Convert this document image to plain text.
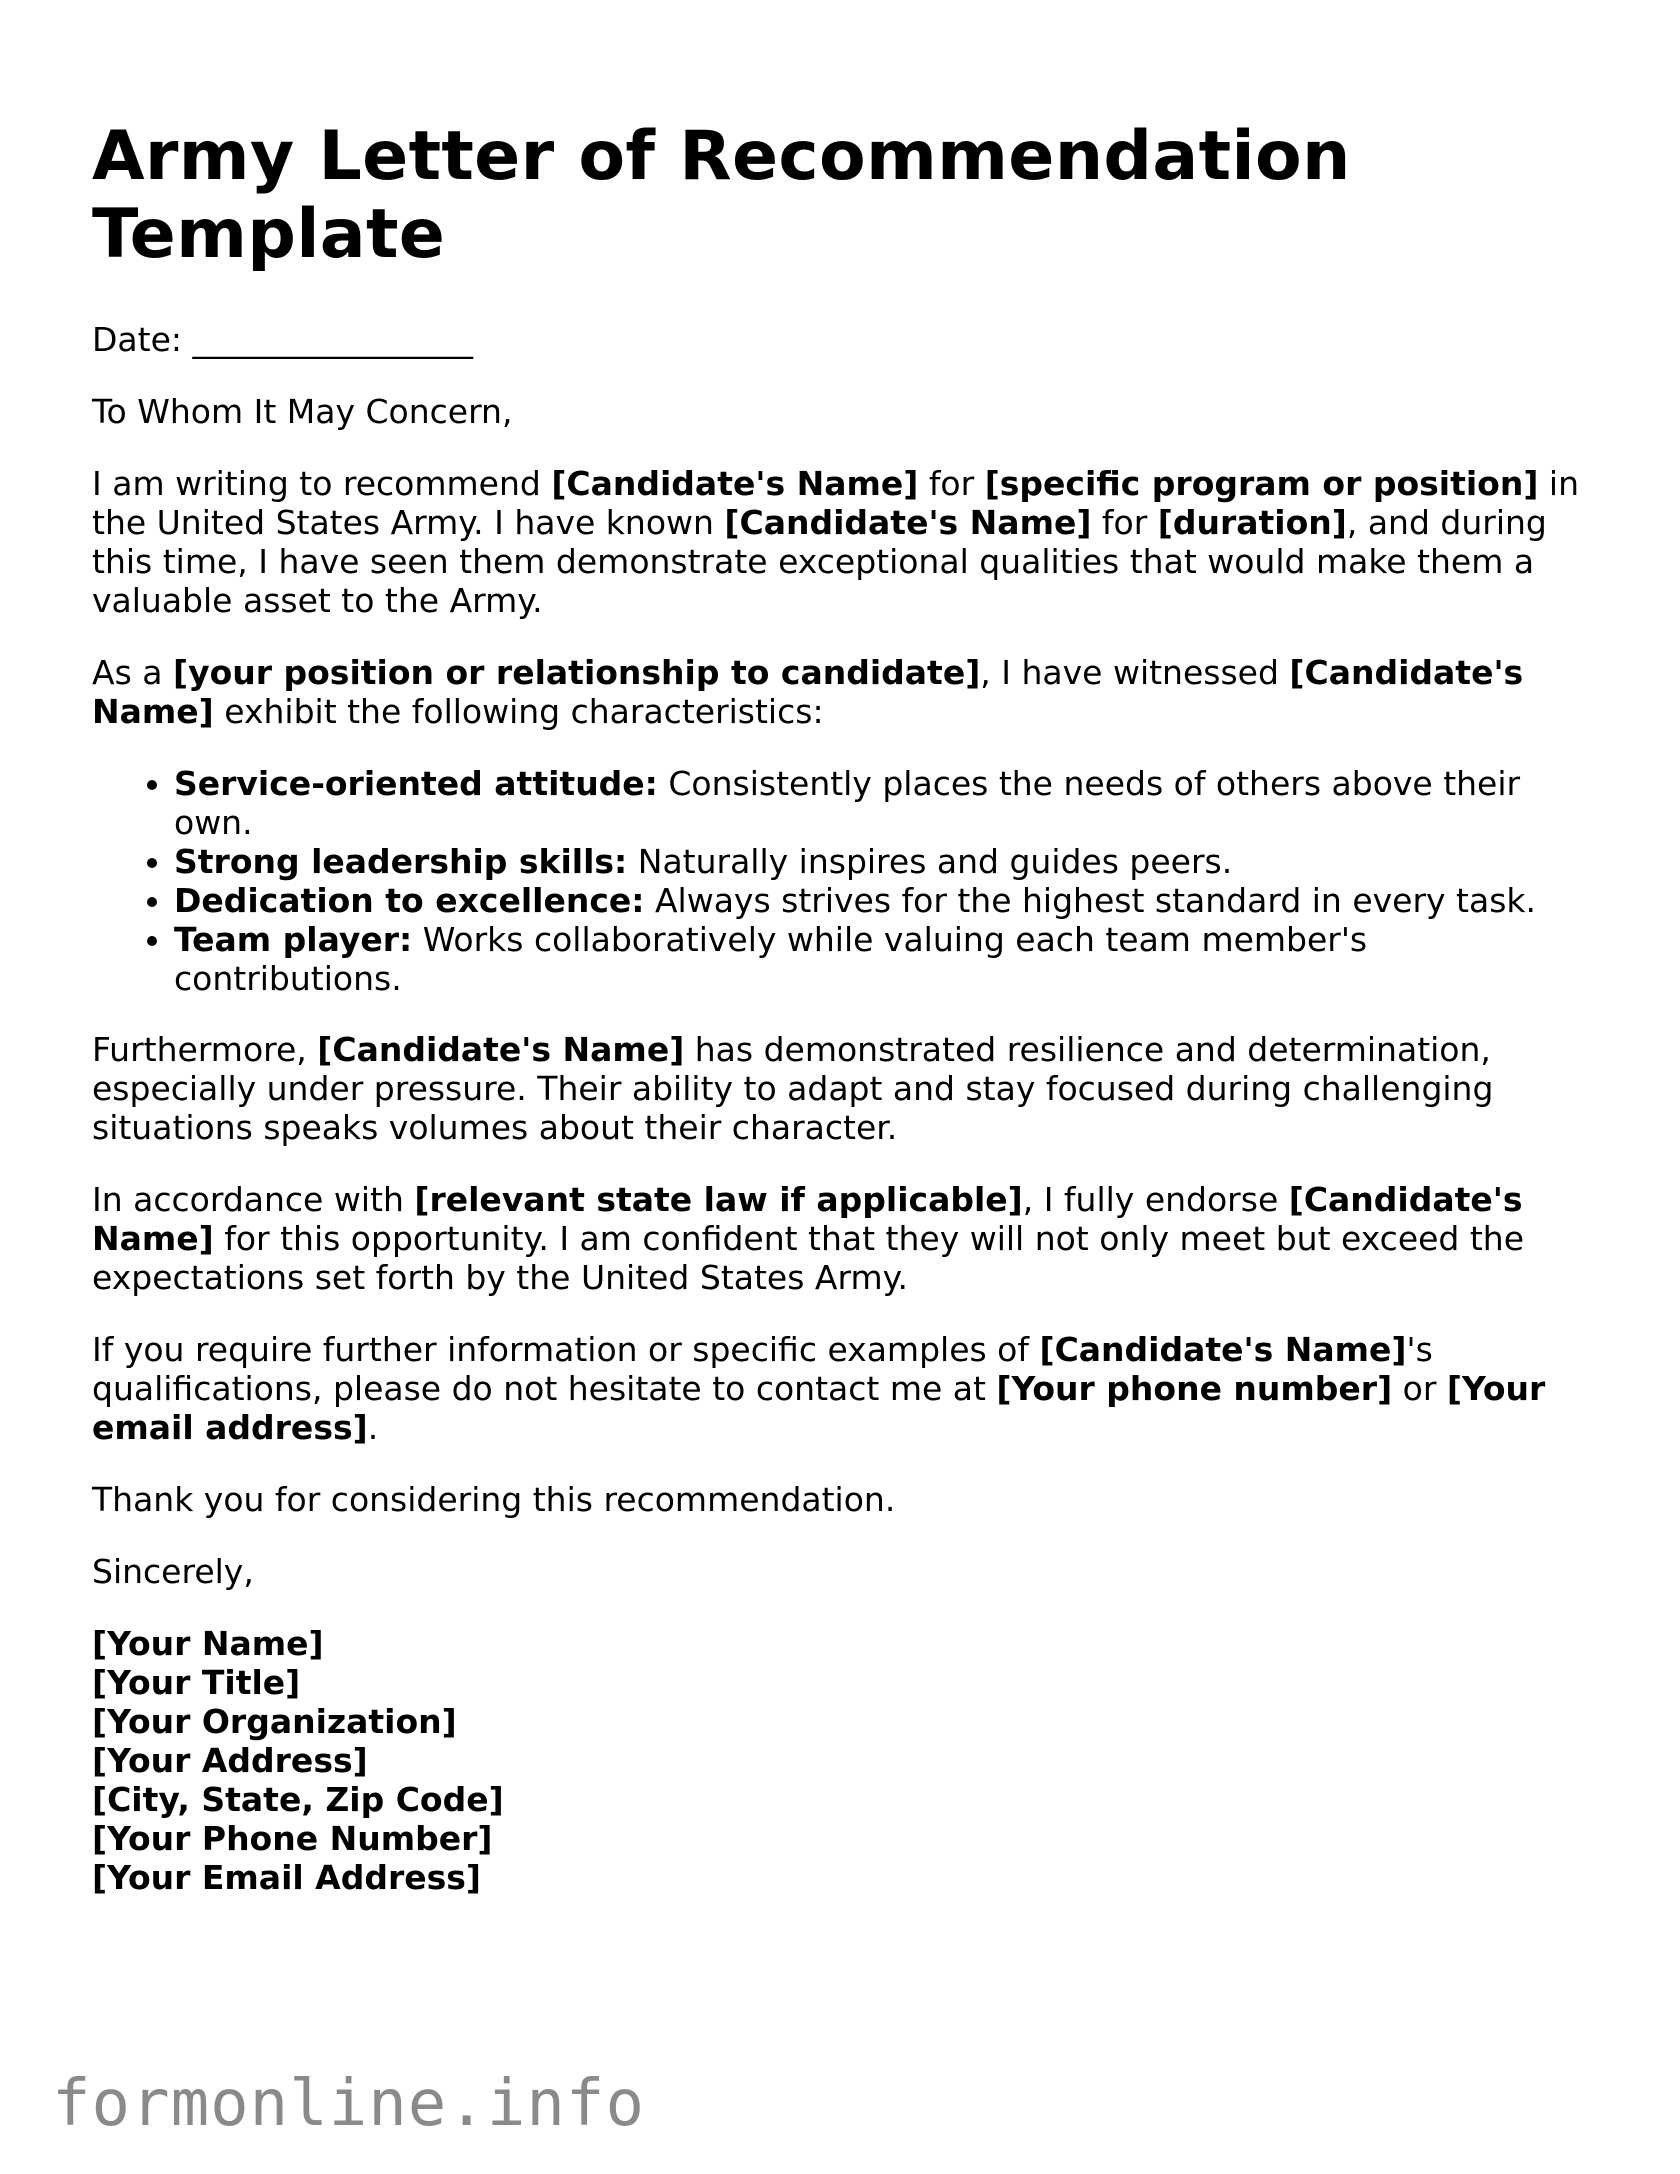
Army Letter of Recommendation Template

Date: _________________

To Whom It May Concern,

I am writing to recommend [Candidate's Name] for [specific program or position] in the United States Army. I have known [Candidate's Name] for [duration], and during this time, I have seen them demonstrate exceptional qualities that would make them a valuable asset to the Army.

As a [your position or relationship to candidate], I have witnessed [Candidate's Name] exhibit the following characteristics:

• Service-oriented attitude: Consistently places the needs of others above their own.
• Strong leadership skills: Naturally inspires and guides peers.
• Dedication to excellence: Always strives for the highest standard in every task.
• Team player: Works collaboratively while valuing each team member's contributions.

Furthermore, [Candidate's Name] has demonstrated resilience and determination, especially under pressure. Their ability to adapt and stay focused during challenging situations speaks volumes about their character.

In accordance with [relevant state law if applicable], I fully endorse [Candidate's Name] for this opportunity. I am confident that they will not only meet but exceed the expectations set forth by the United States Army.

If you require further information or specific examples of [Candidate's Name]'s qualifications, please do not hesitate to contact me at [Your phone number] or [Your email address].

Thank you for considering this recommendation.

Sincerely,

[Your Name]
[Your Title]
[Your Organization]
[Your Address]
[City, State, Zip Code]
[Your Phone Number]
[Your Email Address]
formonline.info
